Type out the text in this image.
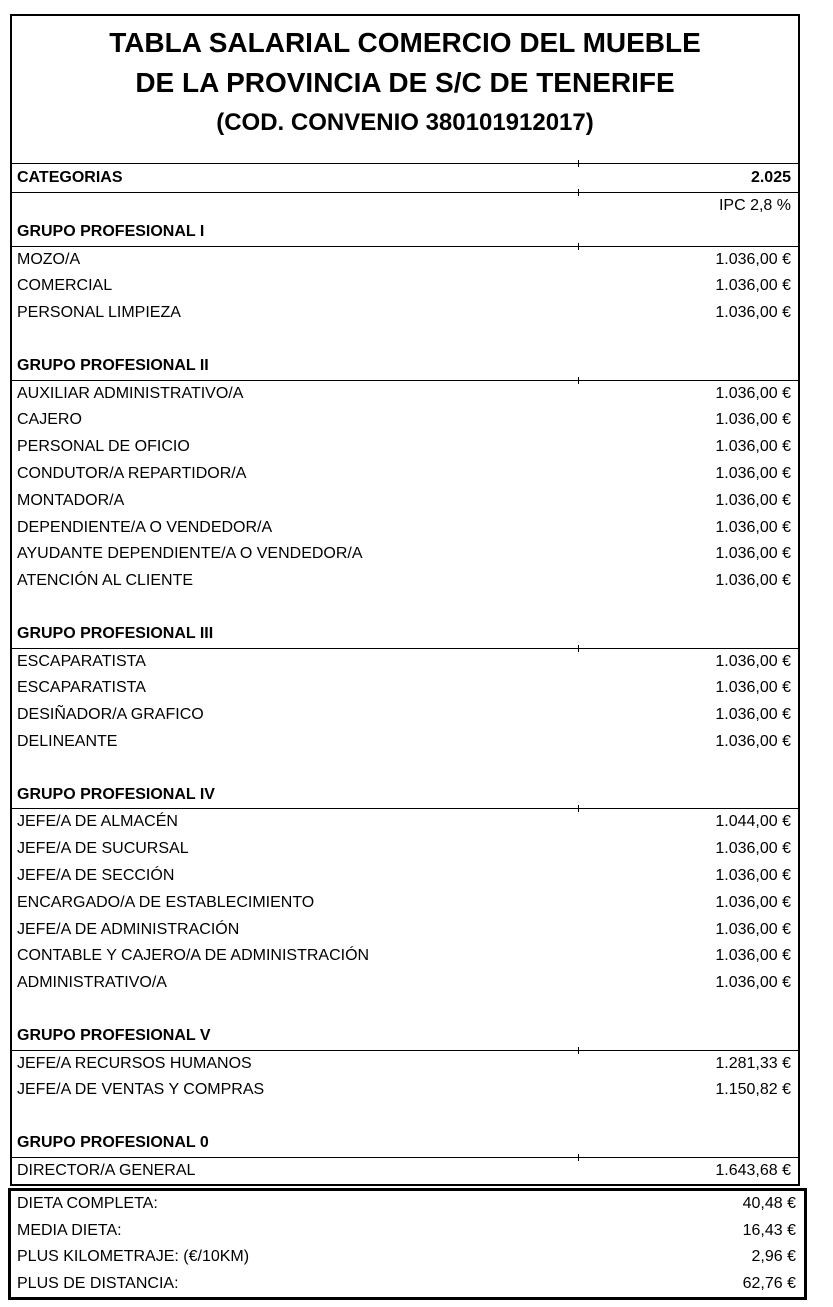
TABLA SALARIAL COMERCIO DEL MUEBLE
DE LA PROVINCIA DE S/C DE TENERIFE
(COD. CONVENIO 380101912017)
CATEGORIAS	2.025
IPC 2,8 %
GRUPO PROFESIONAL I
MOZO/A	1.036,00 €
COMERCIAL	1.036,00 €
PERSONAL LIMPIEZA	1.036,00 €
GRUPO PROFESIONAL II
AUXILIAR ADMINISTRATIVO/A	1.036,00 €
CAJERO	1.036,00 €
PERSONAL DE OFICIO	1.036,00 €
CONDUTOR/A REPARTIDOR/A	1.036,00 €
MONTADOR/A	1.036,00 €
DEPENDIENTE/A O VENDEDOR/A	1.036,00 €
AYUDANTE DEPENDIENTE/A O VENDEDOR/A	1.036,00 €
ATENCIÓN AL CLIENTE	1.036,00 €
GRUPO PROFESIONAL III
ESCAPARATISTA	1.036,00 €
ESCAPARATISTA	1.036,00 €
DESIÑADOR/A GRAFICO	1.036,00 €
DELINEANTE	1.036,00 €
GRUPO PROFESIONAL IV
JEFE/A DE ALMACÉN	1.044,00 €
JEFE/A DE SUCURSAL	1.036,00 €
JEFE/A DE SECCIÓN	1.036,00 €
ENCARGADO/A DE ESTABLECIMIENTO	1.036,00 €
JEFE/A DE ADMINISTRACIÓN	1.036,00 €
CONTABLE Y CAJERO/A DE ADMINISTRACIÓN	1.036,00 €
ADMINISTRATIVO/A	1.036,00 €
GRUPO PROFESIONAL V
JEFE/A RECURSOS HUMANOS	1.281,33 €
JEFE/A DE VENTAS Y COMPRAS	1.150,82 €
GRUPO PROFESIONAL 0
DIRECTOR/A GENERAL	1.643,68 €
DIETA COMPLETA:	40,48 €
MEDIA DIETA:	16,43 €
PLUS KILOMETRAJE: (€/10KM)	2,96 €
PLUS DE DISTANCIA:	62,76 €
